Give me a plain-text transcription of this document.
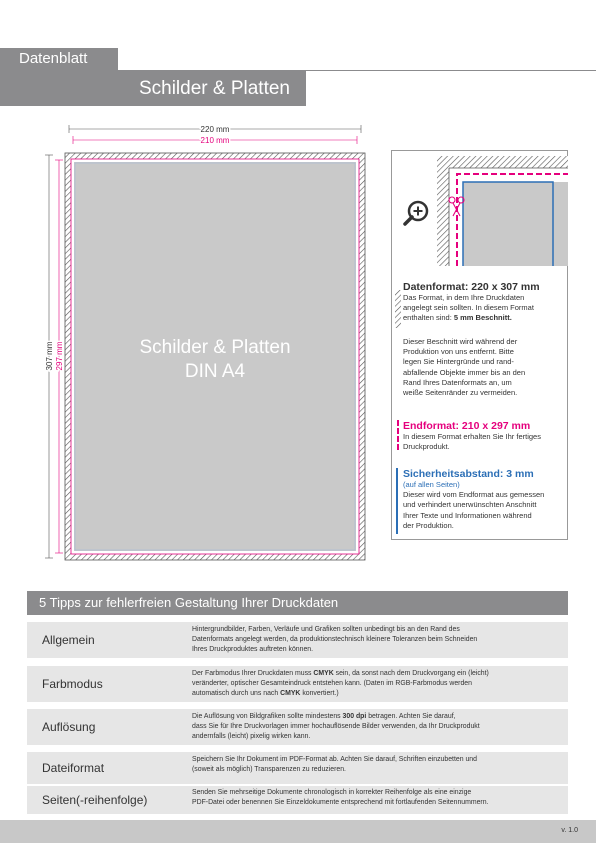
Datenblatt
Schilder & Platten
220 mm
210 mm
307 mm 297 mm	Schilder & Platten
DIN A4
Datenformat: 220 x 307 mm
Das Format, in dem Ihre Druckdaten
angelegt sein sollten. In diesem Format
enthalten sind: 5 mm Beschnitt.
Dieser Beschnitt wird während der
Produktion von uns entfernt. Bitte
legen Sie Hintergründe und rand-
abfallende Objekte immer bis an den
Rand Ihres Datenformats an, um
weiße Seitenränder zu vermeiden.
Endformat: 210 x 297 mm
In diesem Format erhalten Sie Ihr fertiges
Druckprodukt.
Sicherheitsabstand: 3 mm
(auf allen Seiten)
Dieser wird vom Endformat aus gemessen
und verhindert unerwünschten Anschnitt
Ihrer Texte und Informationen während
der Produktion.
5 Tipps zur fehlerfreien Gestaltung Ihrer Druckdaten
Allgemein
Hintergrundbilder, Farben, Verläufe und Grafiken sollten unbedingt bis an den Rand des
Datenformats angelegt werden, da produktionstechnisch kleinere Toleranzen beim Schneiden
Ihres Druckproduktes auftreten können.
Farbmodus
Der Farbmodus Ihrer Druckdaten muss CMYK sein, da sonst nach dem Druckvorgang ein (leicht)
veränderter, optischer Gesamteindruck entstehen kann. (Daten im RGB-Farbmodus werden
automatisch durch uns nach CMYK konvertiert.)
Auflösung
Die Auflösung von Bildgrafiken sollte mindestens 300 dpi betragen. Achten Sie darauf,
dass Sie für Ihre Druckvorlagen immer hochauflösende Bilder verwenden, da Ihr Druckprodukt
andernfalls (leicht) pixelig wirken kann.
Dateiformat
Speichern Sie Ihr Dokument im PDF-Format ab. Achten Sie darauf, Schriften einzubetten und
(soweit als möglich) Transparenzen zu reduzieren.
Seiten(-reihenfolge)
Senden Sie mehrseitige Dokumente chronologisch in korrekter Reihenfolge als eine einzige
PDF-Datei oder benennen Sie Einzeldokumente entsprechend mit fortlaufenden Seitennummern.
v. 1.0
